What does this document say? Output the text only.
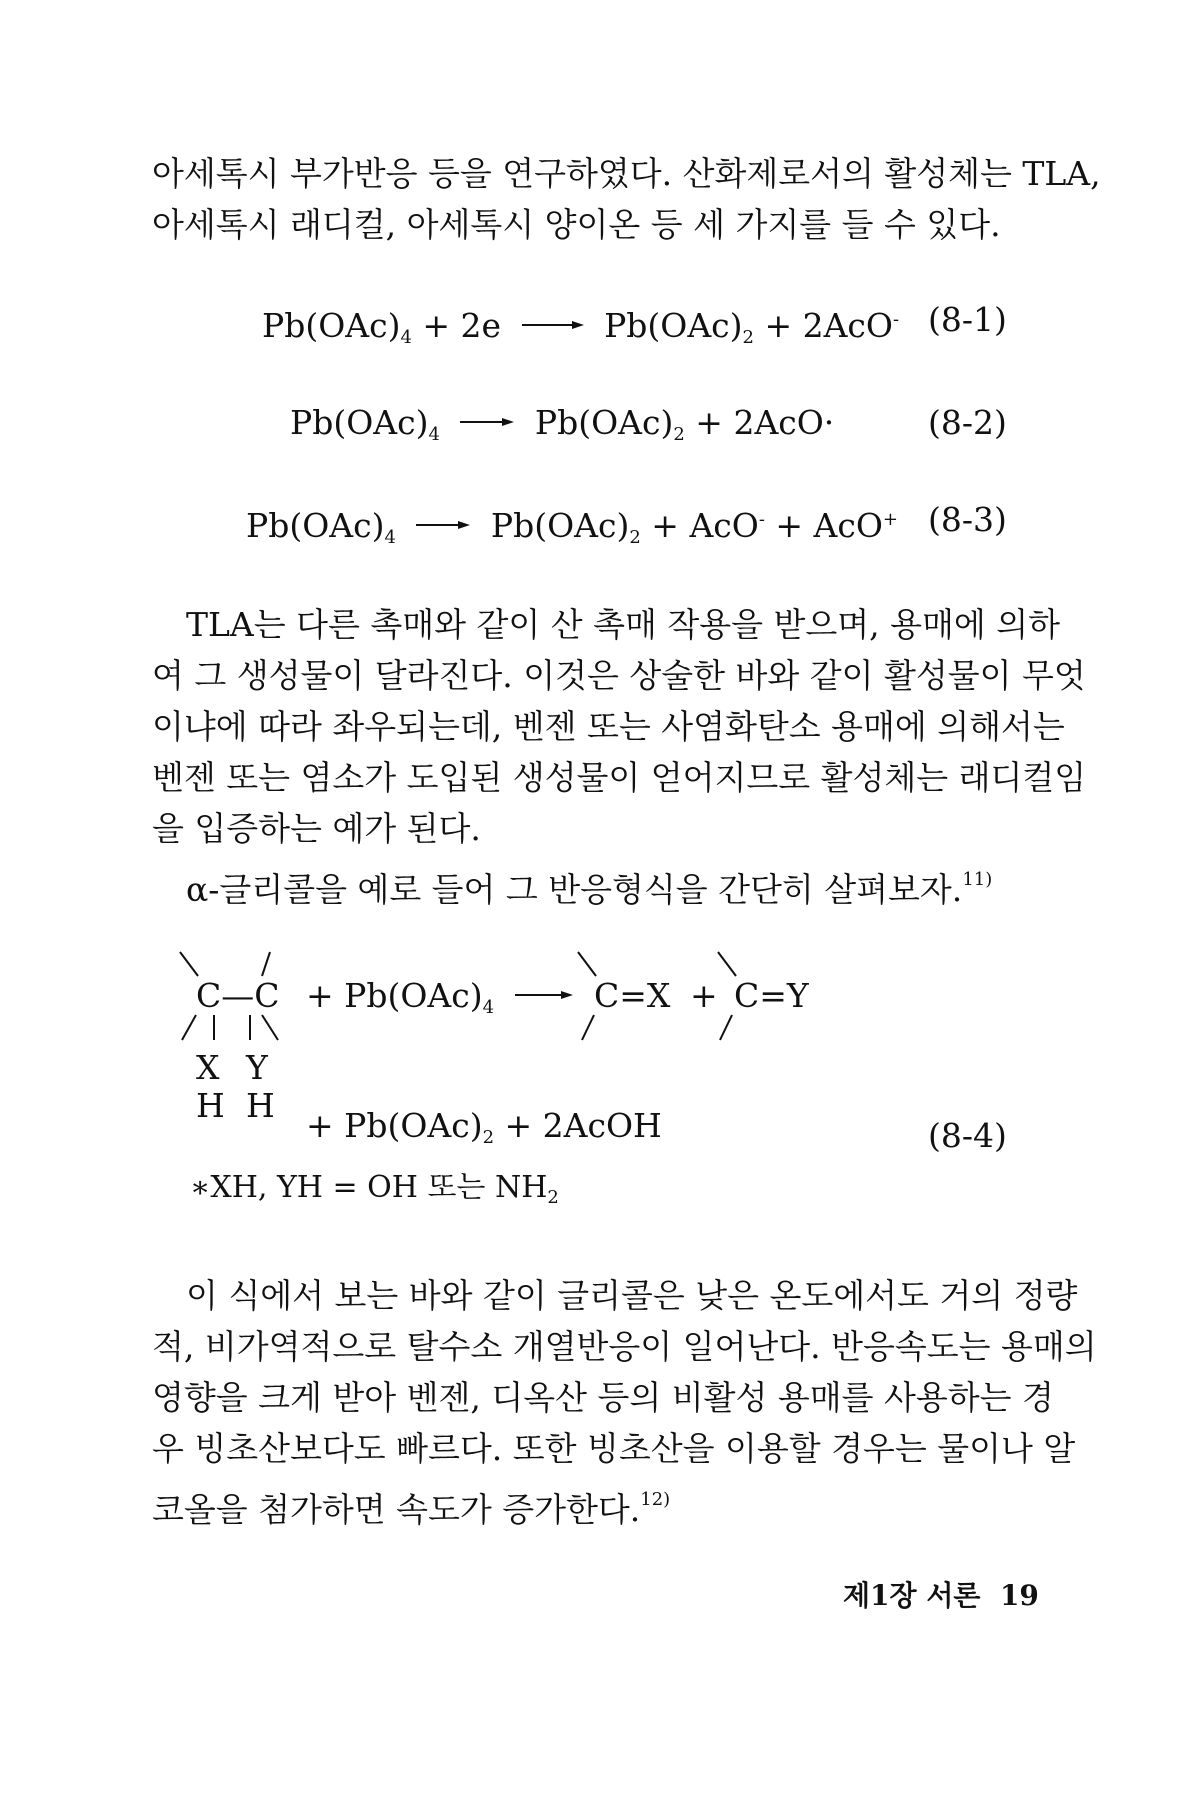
아세톡시 부가반응 등을 연구하였다. 산화제로서의 활성체는 TLA,
아세톡시 래디컬, 아세톡시 양이온 등 세 가지를 들 수 있다.
$Pb(OAc)_4 + 2e \to Pb(OAc)_2 + 2AcO^-$ (8-1)
$Pb(OAc)_4 \to Pb(OAc)_2 + 2AcO\cdot$	(8-2)
$Pb(OAc)_4 \to Pb(OAc)_2 + AcO^- + AcO^+$ (8-3)
TLA는 다른 촉매와 같이 산 촉매 작용을 받으며, 용매에 의하
여 그 생성물이 달라진다. 이것은 상술한 바와 같이 활성물이 무엇
이냐에 따라 좌우되는데, 벤젠 또는 사염화탄소 용매에 의해서는
벤젠 또는 염소가 도입된 생성물이 얻어지므로 활성체는 래디컬임
을 입증하는 예가 된다.
α-글리콜을 예로 들어 그 반응형식을 간단히 살펴보자.$^{11)}$
C—C
X Y
H H
+ $Pb(OAc)_4$	C=X + C=Y
+ $Pb(OAc)_2$ + 2AcOH	(8-4)
∗XH, YH = OH 또는 $NH_2$
이 식에서 보는 바와 같이 글리콜은 낮은 온도에서도 거의 정량
적, 비가역적으로 탈수소 개열반응이 일어난다. 반응속도는 용매의
영향을 크게 받아 벤젠, 디옥산 등의 비활성 용매를 사용하는 경
우 빙초산보다도 빠르다. 또한 빙초산을 이용할 경우는 물이나 알
코올을 첨가하면 속도가 증가한다.$^{12)}$
제1장 서론 19
